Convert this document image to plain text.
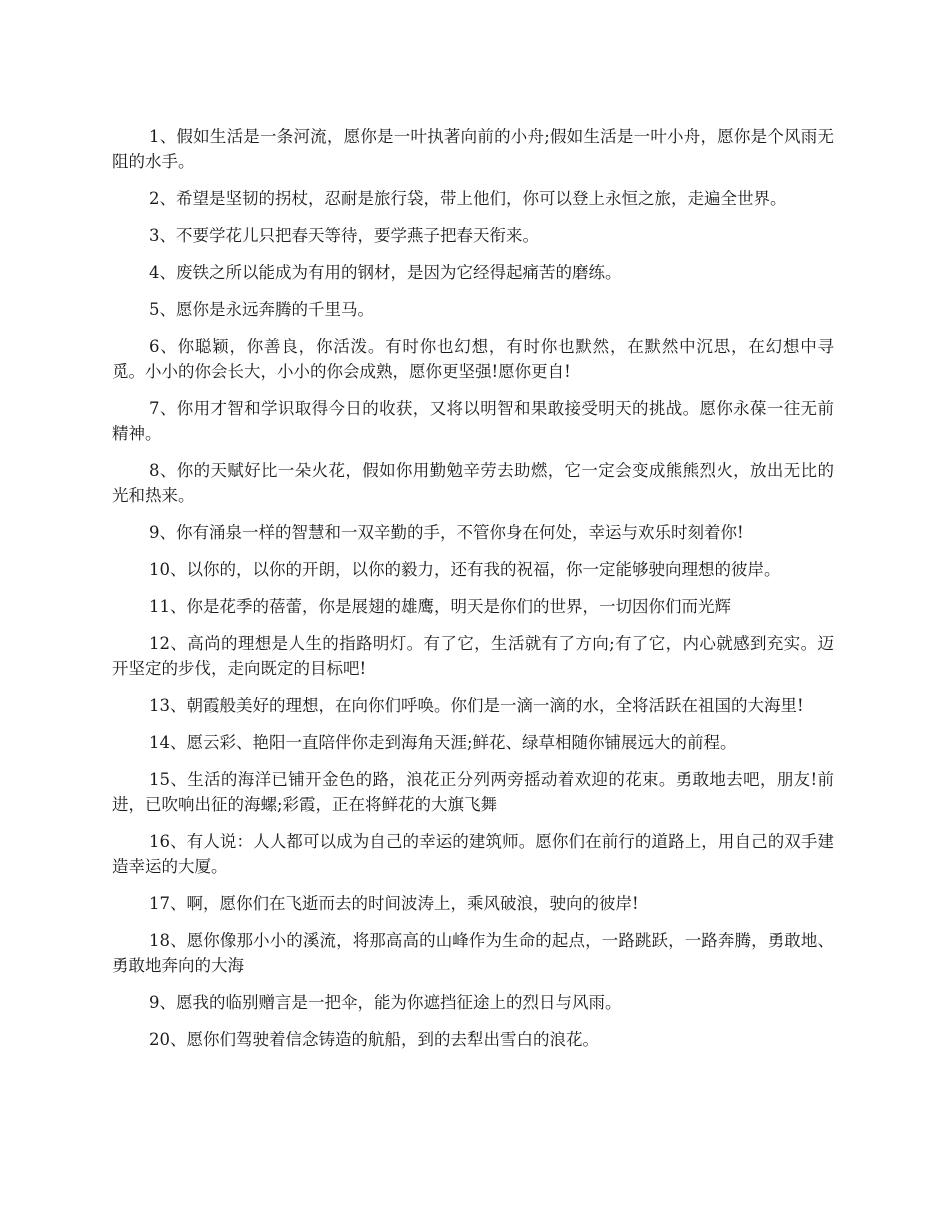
1、假如生活是一条河流，愿你是一叶执著向前的小舟;假如生活是一叶小舟，愿你是个风雨无阻的水手。

2、希望是坚韧的拐杖，忍耐是旅行袋，带上他们，你可以登上永恒之旅，走遍全世界。

3、不要学花儿只把春天等待，要学燕子把春天衔来。

4、废铁之所以能成为有用的钢材，是因为它经得起痛苦的磨练。

5、愿你是永远奔腾的千里马。

6、你聪颖，你善良，你活泼。有时你也幻想，有时你也默然，在默然中沉思，在幻想中寻觅。小小的你会长大，小小的你会成熟，愿你更坚强!愿你更自!

7、你用才智和学识取得今日的收获，又将以明智和果敢接受明天的挑战。愿你永葆一往无前精神。

8、你的天赋好比一朵火花，假如你用勤勉辛劳去助燃，它一定会变成熊熊烈火，放出无比的光和热来。

9、你有涌泉一样的智慧和一双辛勤的手，不管你身在何处，幸运与欢乐时刻着你!

10、以你的，以你的开朗，以你的毅力，还有我的祝福，你一定能够驶向理想的彼岸。

11、你是花季的蓓蕾，你是展翅的雄鹰，明天是你们的世界，一切因你们而光辉

12、高尚的理想是人生的指路明灯。有了它，生活就有了方向;有了它，内心就感到充实。迈开坚定的步伐，走向既定的目标吧!

13、朝霞般美好的理想，在向你们呼唤。你们是一滴一滴的水，全将活跃在祖国的大海里!

14、愿云彩、艳阳一直陪伴你走到海角天涯;鲜花、绿草相随你铺展远大的前程。

15、生活的海洋已铺开金色的路，浪花正分列两旁摇动着欢迎的花束。勇敢地去吧，朋友!前进，已吹响出征的海螺;彩霞，正在将鲜花的大旗飞舞

16、有人说：人人都可以成为自己的幸运的建筑师。愿你们在前行的道路上，用自己的双手建造幸运的大厦。

17、啊，愿你们在飞逝而去的时间波涛上，乘风破浪，驶向的彼岸!

18、愿你像那小小的溪流，将那高高的山峰作为生命的起点，一路跳跃，一路奔腾，勇敢地、勇敢地奔向的大海

9、愿我的临别赠言是一把伞，能为你遮挡征途上的烈日与风雨。

20、愿你们驾驶着信念铸造的航船，到的去犁出雪白的浪花。
